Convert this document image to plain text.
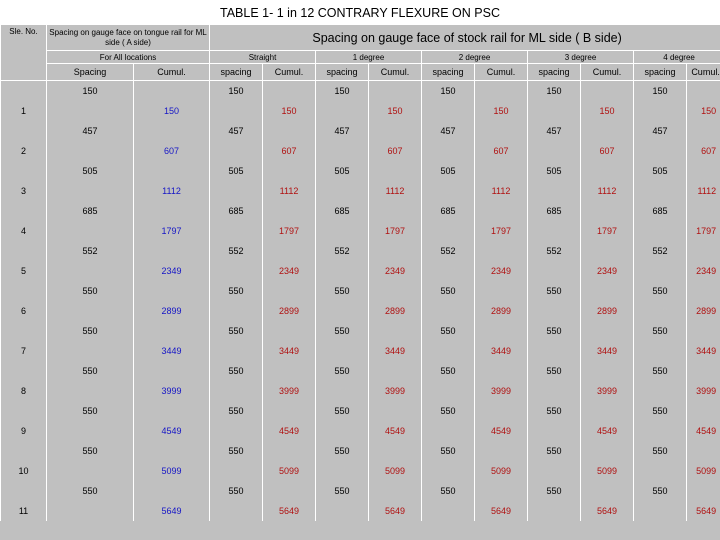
TABLE 1- 1 in 12 CONTRARY FLEXURE ON PSC
Sle. No.	Spacing on gauge face on tongue rail for ML side ( A side)		Spacing on gauge face of stock rail for ML side ( B side)									
	For All locations		Straight		1 degree		2 degree		3 degree		4 degree	
	Spacing	Cumul.	spacing	Cumul.	spacing	Cumul.	spacing	Cumul.	spacing	Cumul.	spacing	Cumul.
	150		150		150		150		150		150	
1		150		150		150		150		150		150
	457		457		457		457		457		457	
2		607		607		607		607		607		607
	505		505		505		505		505		505	
3		1112		1112		1112		1112		1112		1112
	685		685		685		685		685		685	
4		1797		1797		1797		1797		1797		1797
	552		552		552		552		552		552	
5		2349		2349		2349		2349		2349		2349
	550		550		550		550		550		550	
6		2899		2899		2899		2899		2899		2899
	550		550		550		550		550		550	
7		3449		3449		3449		3449		3449		3449
	550		550		550		550		550		550	
8		3999		3999		3999		3999		3999		3999
	550		550		550		550		550		550	
9		4549		4549		4549		4549		4549		4549
	550		550		550		550		550		550	
10		5099		5099		5099		5099		5099		5099
	550		550		550		550		550		550	
11		5649		5649		5649		5649		5649		5649
